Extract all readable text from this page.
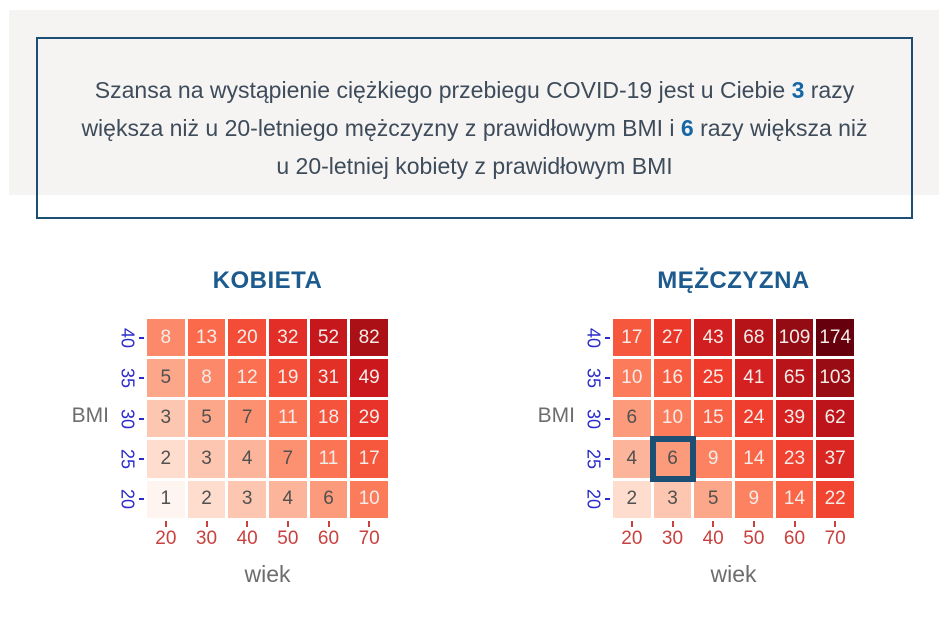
Szansa na wystąpienie ciężkiego przebiegu COVID-19 jest u Ciebie 3 razy większa niż u 20-letniego mężczyzny z prawidłowym BMI i 6 razy większa niż u 20-letniej kobiety z prawidłowym BMI

KOBIETA
BMI
8	13	20	32	52	82
5	8	12	19	31	49
3	5	7	11	18	29
2	3	4	7	11	17
1	2	3	4	6	10
wiek
40
35
30
25
20
20 30 40 50 60 70
MĘŻCZYZNA
BMI
17	27	43	68 109 174
10	16	25	41	65 103
6	10	15	24	39	62
4	6	9	14	23	37
2	3	5	9	14	22
wiek
40
35
30
25
20
20 30 40 50 60 70
